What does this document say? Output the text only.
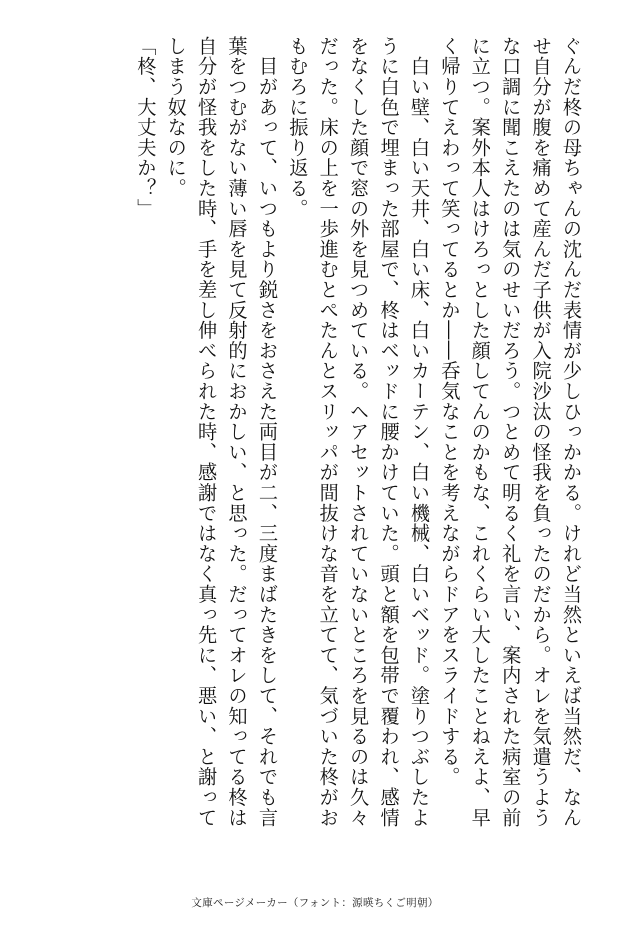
ぐんだ柊の母ちゃんの沈んだ表情が少しひっかかる。けれど当然といえば当然だ、なんせ自分が腹を痛めて産んだ子供が入院沙汰の怪我を負ったのだから。オレを気遣うような口調に聞こえたのは気のせいだろう。つとめて明るく礼を言い、案内された病室の前に立つ。案外本人はけろっとした顔してんのかもな、これくらい大したことねえよ、早く帰りてえわって笑ってるとか――呑気なことを考えながらドアをスライドする。

白い壁、白い天井、白い床、白いカーテン、白い機械、白いベッド。塗りつぶしたように白色で埋まった部屋で、柊はベッドに腰かけていた。頭と額を包帯で覆われ、感情をなくした顔で窓の外を見つめている。ヘアセットされていないところを見るのは久々だった。床の上を一歩進むとぺたんとスリッパが間抜けな音を立てて、気づいた柊がおもむろに振り返る。

目があって、いつもより鋭さをおさえた両目が二、三度まばたきをして、それでも言葉をつむがない薄い唇を見て反射的におかしい、と思った。だってオレの知ってる柊は自分が怪我をした時、手を差し伸べられた時、感謝ではなく真っ先に、悪い、と謝ってしまう奴なのに。

「柊、大丈夫か？」

文庫ページメーカー（フォント：源暎ちくご明朝）
